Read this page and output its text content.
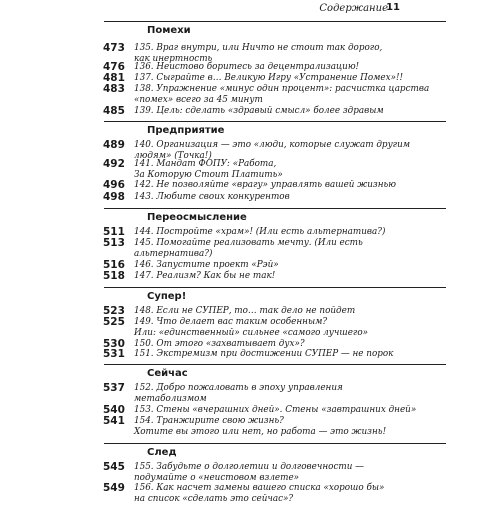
Содержание
11
Помехи
473 135. Враг внутри, или Ничто не стоит так дорого,
как инертность
476 136. Неистово боритесь за децентрализацию!
481 137. Сыграйте в… Великую Игру «Устранение Помех»!!
483 138. Упражнение «минус один процент»: расчистка царства
«помех» всего за 45 минут
485 139. Цель: сделать «здравый смысл» более здравым
Предприятие
489 140. Организация — это «люди, которые служат другим
людям» (Точка!)
492 141. Мандат ФОПУ: «Работа,
За Которую Стоит Платить»
496 142. Не позволяйте «врагу» управлять вашей жизнью
498 143. Любите своих конкурентов
Переосмысление
511 144. Постройте «храм»! (Или есть альтернатива?)
513 145. Помогайте реализовать мечту. (Или есть
альтернатива?)
516 146. Запустите проект «Рэй»
518 147. Реализм? Как бы не так!
Супер!
523 148. Если не СУПЕР, то… так дело не пойдет
525 149. Что делает вас таким особенным?
Или: «единственный» сильнее «самого лучшего»
530 150. От этого «захватывает дух»?
531 151. Экстремизм при достижении СУПЕР — не порок
Сейчас
537 152. Добро пожаловать в эпоху управления
метаболизмом
540 153. Стены «вчерашних дней». Стены «завтрашних дней»
541 154. Транжирите свою жизнь?
Хотите вы этого или нет, но работа — это жизнь!
След
545 155. Забудьте о долголетии и долговечности —
подумайте о «неистовом взлете»
549 156. Как насчет замены вашего списка «хорошо бы»
на список «сделать это сейчас»?
